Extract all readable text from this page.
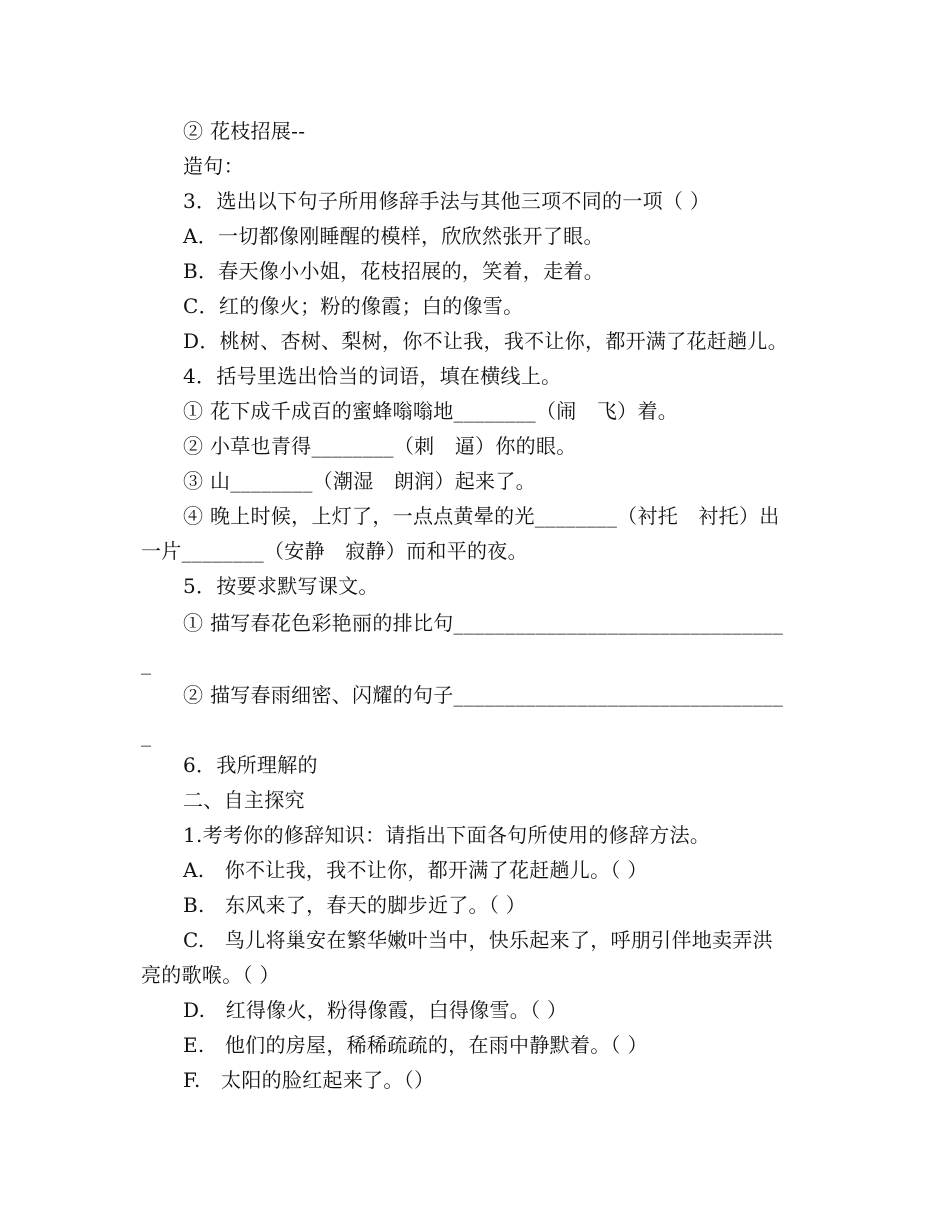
② 花枝招展--
造句：
3．选出以下句子所用修辞手法与其他三项不同的一项（ ）
A．一切都像刚睡醒的模样，欣欣然张开了眼。
B．春天像小小姐，花枝招展的，笑着，走着。
C．红的像火；粉的像霞；白的像雪。
D．桃树、杏树、梨树，你不让我，我不让你，都开满了花赶趟儿。
4．括号里选出恰当的词语，填在横线上。
① 花下成千成百的蜜蜂嗡嗡地________（闹　飞）着。
② 小草也青得________（刺　逼）你的眼。
③ 山________（潮湿　朗润）起来了。
④ 晚上时候，上灯了，一点点黄晕的光________（衬托　衬托）出
一片________（安静　寂静）而和平的夜。
5．按要求默写课文。
① 描写春花色彩艳丽的排比句________________________________
_
② 描写春雨细密、闪耀的句子________________________________
_
6．我所理解的
二、自主探究
1.考考你的修辞知识：请指出下面各句所使用的修辞方法。
A.　你不让我，我不让你，都开满了花赶趟儿。（ ）
B.　东风来了，春天的脚步近了。（ ）
C.　鸟儿将巢安在繁华嫩叶当中，快乐起来了，呼朋引伴地卖弄洪
亮的歌喉。（ ）
D.　红得像火，粉得像霞，白得像雪。（ ）
E.　他们的房屋，稀稀疏疏的，在雨中静默着。（ ）
F.　太阳的脸红起来了。（）
